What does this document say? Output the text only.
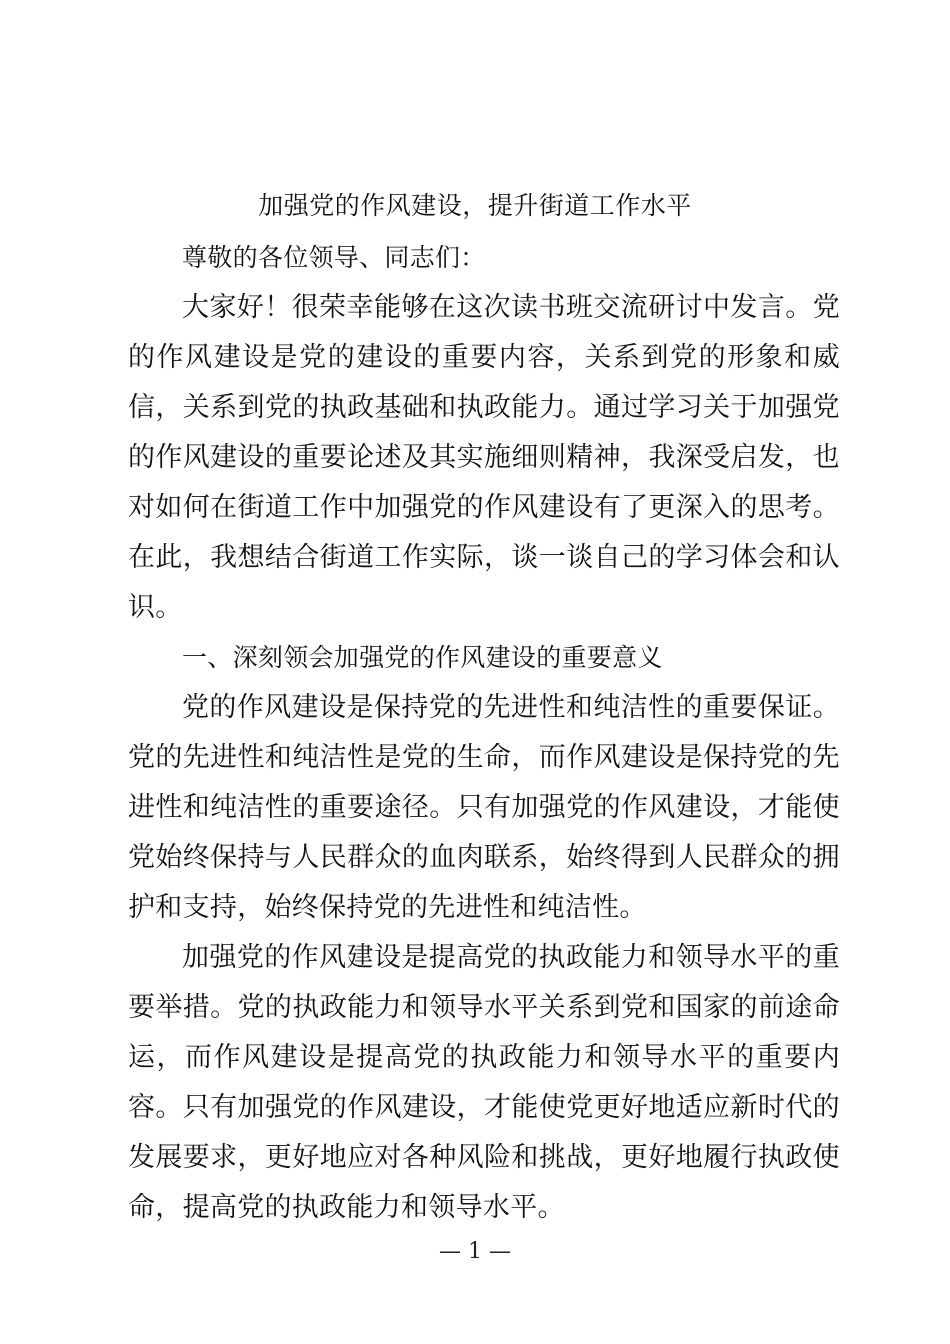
加强党的作风建设，提升街道工作水平

尊敬的各位领导、同志们：

大家好！很荣幸能够在这次读书班交流研讨中发言。党的作风建设是党的建设的重要内容，关系到党的形象和威信，关系到党的执政基础和执政能力。通过学习关于加强党的作风建设的重要论述及其实施细则精神，我深受启发，也对如何在街道工作中加强党的作风建设有了更深入的思考。在此，我想结合街道工作实际，谈一谈自己的学习体会和认识。

一、深刻领会加强党的作风建设的重要意义

党的作风建设是保持党的先进性和纯洁性的重要保证。党的先进性和纯洁性是党的生命，而作风建设是保持党的先进性和纯洁性的重要途径。只有加强党的作风建设，才能使党始终保持与人民群众的血肉联系，始终得到人民群众的拥护和支持，始终保持党的先进性和纯洁性。

加强党的作风建设是提高党的执政能力和领导水平的重要举措。党的执政能力和领导水平关系到党和国家的前途命运，而作风建设是提高党的执政能力和领导水平的重要内容。只有加强党的作风建设，才能使党更好地适应新时代的发展要求，更好地应对各种风险和挑战，更好地履行执政使命，提高党的执政能力和领导水平。

— 1 —
